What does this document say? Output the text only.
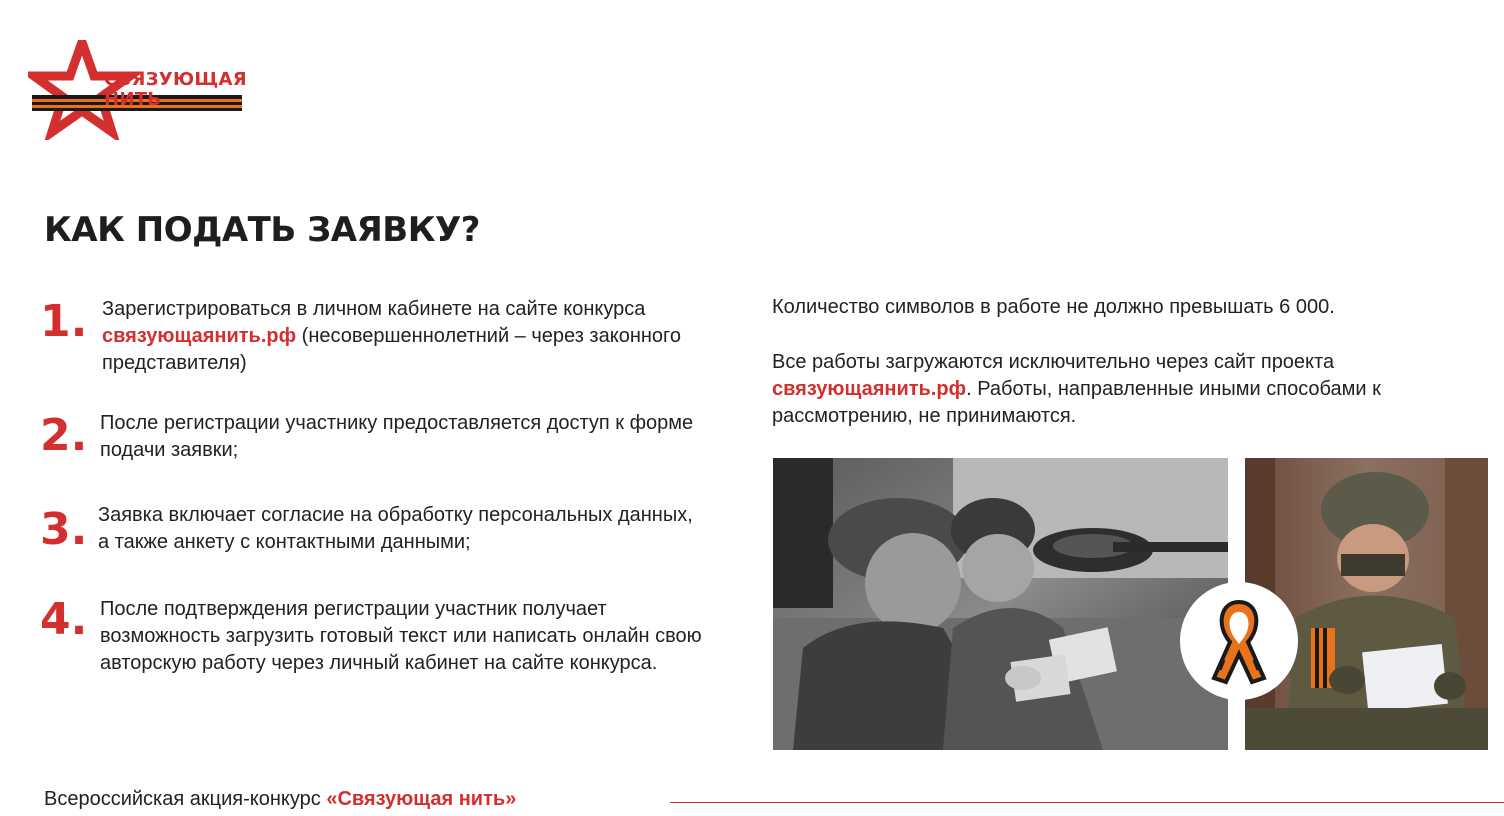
СВЯЗУЮЩАЯ
НИТЬ
КАК ПОДАТЬ ЗАЯВКУ?
1. Зарегистрироваться в личном кабинете на сайте конкурса связующаянить.рф (несовершеннолетний – через законного представителя)
2. После регистрации участнику предоставляется доступ к форме подачи заявки;
3. Заявка включает согласие на обработку персональных данных, а также анкету с контактными данными;
4. После подтверждения регистрации участник получает возможность загрузить готовый текст или написать онлайн свою авторскую работу через личный кабинет на сайте конкурса.
Количество символов в работе не должно превышать 6 000.
Все работы загружаются исключительно через сайт проекта связующаянить.рф. Работы, направленные иными способами к рассмотрению, не принимаются.
Всероссийская акция-конкурс «Связующая нить»
